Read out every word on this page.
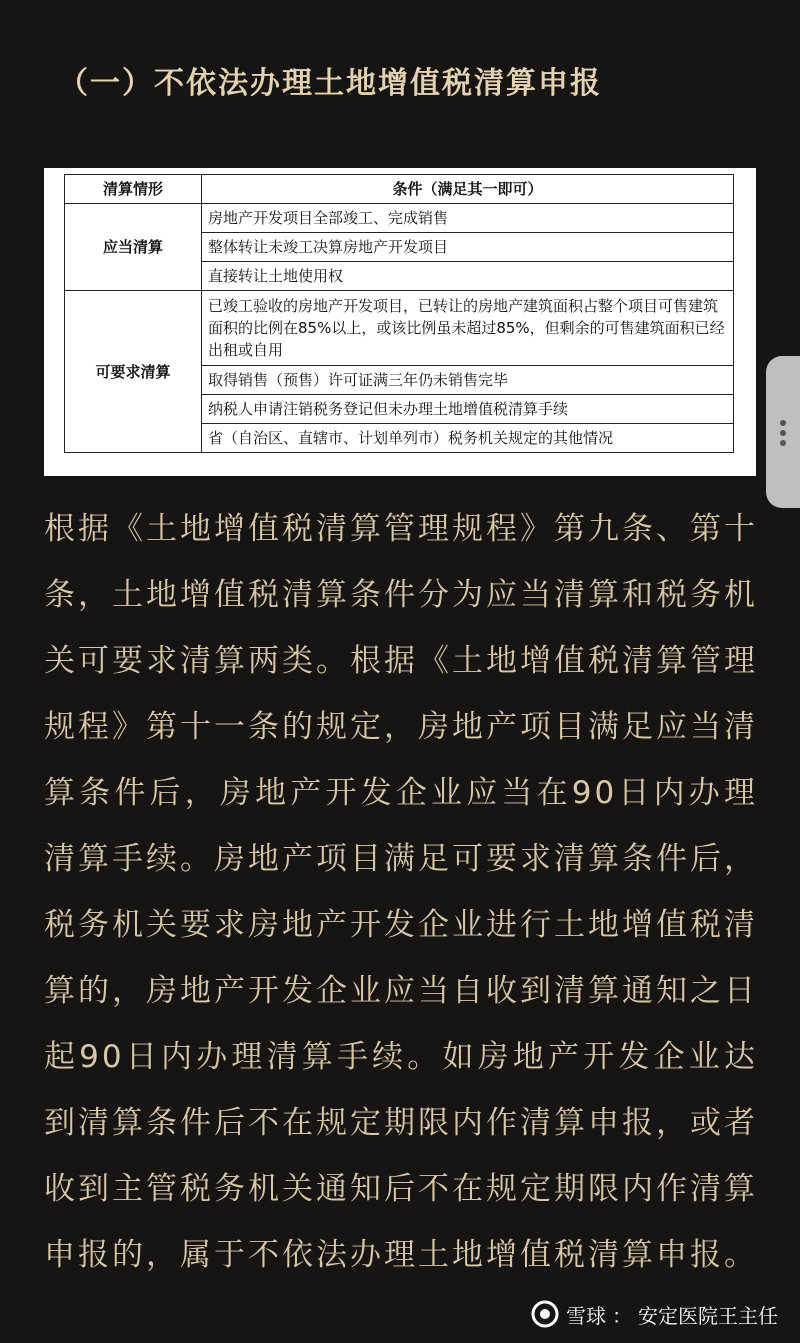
（一）不依法办理土地增值税清算申报
清算情形	条件（满足其一即可）
应当清算	房地产开发项目全部竣工、完成销售
	整体转让未竣工决算房地产开发项目
	直接转让土地使用权
可要求清算	已竣工验收的房地产开发项目，已转让的房地产建筑面积占整个项目可售建筑面积的比例在85%以上，或该比例虽未超过85%，但剩余的可售建筑面积已经出租或自用
	取得销售（预售）许可证满三年仍未销售完毕
	纳税人申请注销税务登记但未办理土地增值税清算手续
	省（自治区、直辖市、计划单列市）税务机关规定的其他情况
根据《土地增值税清算管理规程》第九条、第十条，土地增值税清算条件分为应当清算和税务机关可要求清算两类。根据《土地增值税清算管理规程》第十一条的规定，房地产项目满足应当清算条件后，房地产开发企业应当在90日内办理清算手续。房地产项目满足可要求清算条件后，税务机关要求房地产开发企业进行土地增值税清算的，房地产开发企业应当自收到清算通知之日起90日内办理清算手续。如房地产开发企业达到清算条件后不在规定期限内作清算申报，或者收到主管税务机关通知后不在规定期限内作清算申报的，属于不依法办理土地增值税清算申报。
雪球 ： 安定医院王主任
